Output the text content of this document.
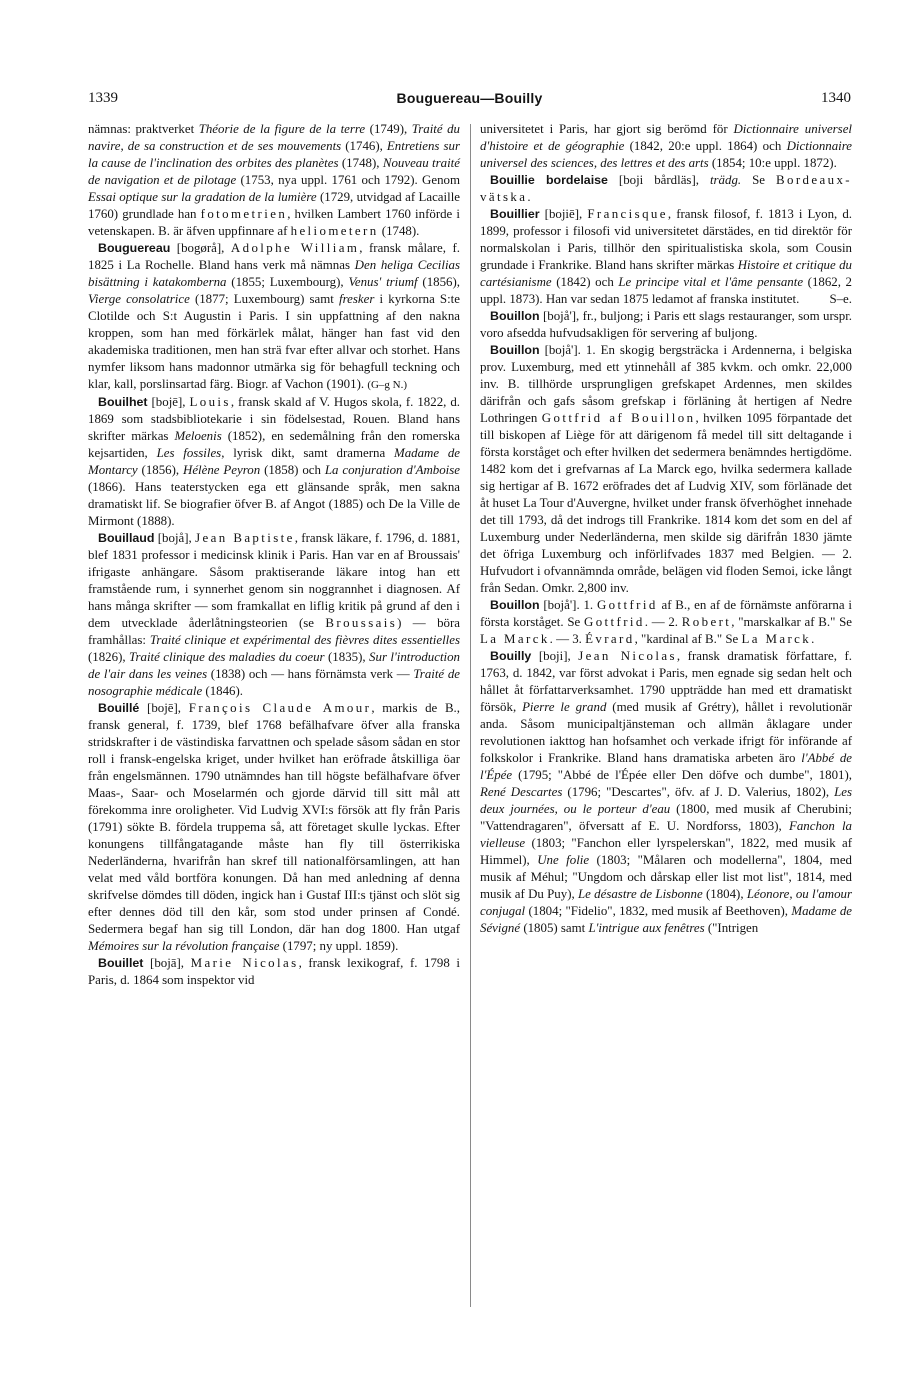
1339	Bouguereau—Bouilly	1340

nämnas: praktverket Théorie de la figure de la terre (1749), Traité du navire, de sa construction et de ses mouvements (1746), Entretiens sur la cause de l'inclination des orbites des planètes (1748), Nouveau traité de navigation et de pilotage (1753, nya uppl. 1761 och 1792). Genom Essai optique sur la gradation de la lumière (1729, utvidgad af Lacaille 1760) grundlade han fotometrien, hvilken Lambert 1760 införde i vetenskapen. B. är äfven uppfinnare af heliometern (1748).

Bouguereau [bogørå], Adolphe William, fransk målare, f. 1825 i La Rochelle. Bland hans verk må nämnas Den heliga Cecilias bisättning i katakomberna (1855; Luxembourg), Venus' triumf (1856), Vierge consolatrice (1877; Luxembourg) samt fresker i kyrkorna S:te Clotilde och S:t Augustin i Paris. I sin uppfattning af den nakna kroppen, som han med förkärlek målat, hänger han fast vid den akademiska traditionen, men han strä fvar efter allvar och storhet. Hans nymfer liksom hans madonnor utmärka sig för behagfull teckning och klar, kall, porslinsartad färg. Biogr. af Vachon (1901). (G–g N.)

Bouilhet [bojē], Louis, fransk skald af V. Hugos skola, f. 1822, d. 1869 som stadsbibliotekarie i sin födelsestad, Rouen. Bland hans skrifter märkas Meloenis (1852), en sedemålning från den romerska kejsartiden, Les fossiles, lyrisk dikt, samt dramerna Madame de Montarcy (1856), Hélène Peyron (1858) och La conjuration d'Amboise (1866). Hans teaterstycken ega ett glänsande språk, men sakna dramatiskt lif. Se biografier öfver B. af Angot (1885) och De la Ville de Mirmont (1888).

Bouillaud [bojå], Jean Baptiste, fransk läkare, f. 1796, d. 1881, blef 1831 professor i medicinsk klinik i Paris. Han var en af Broussais' ifrigaste anhängare. Såsom praktiserande läkare intog han ett framstående rum, i synnerhet genom sin noggrannhet i diagnosen. Af hans många skrifter — som framkallat en liflig kritik på grund af den i dem utvecklade åderlåtningsteorien (se Broussais) — böra framhållas: Traité clinique et expérimental des fièvres dites essentielles (1826), Traité clinique des maladies du coeur (1835), Sur l'introduction de l'air dans les veines (1838) och — hans förnämsta verk — Traité de nosographie médicale (1846).

Bouillé [bojē], François Claude Amour, markis de B., fransk general, f. 1739, blef 1768 befälhafvare öfver alla franska stridskrafter i de västindiska farvattnen och spelade såsom sådan en stor roll i fransk-engelska kriget, under hvilket han eröfrade åtskilliga öar från engelsmännen. 1790 utnämndes han till högste befälhafvare öfver Maas-, Saar- och Moselarmén och gjorde därvid till sitt mål att förekomma inre oroligheter. Vid Ludvig XVI:s försök att fly från Paris (1791) sökte B. fördela truppema så, att företaget skulle lyckas. Efter konungens tillfångatagande måste han fly till österrikiska Nederländerna, hvarifrån han skref till nationalförsamlingen, att han velat med våld bortföra konungen. Då han med anledning af denna skrifvelse dömdes till döden, ingick han i Gustaf III:s tjänst och slöt sig efter dennes död till den kår, som stod under prinsen af Condé. Sedermera begaf han sig till London, där han dog 1800. Han utgaf Mémoires sur la révolution française (1797; ny uppl. 1859).

Bouillet [bojā], Marie Nicolas, fransk lexikograf, f. 1798 i Paris, d. 1864 som inspektor vid

universitetet i Paris, har gjort sig berömd för Dictionnaire universel d'histoire et de géographie (1842, 20:e uppl. 1864) och Dictionnaire universel des sciences, des lettres et des arts (1854; 10:e uppl. 1872).

Bouillie bordelaise [boji bårdläs], trädg. Se Bordeaux-vätska.

Bouillier [bojiē], Francisque, fransk filosof, f. 1813 i Lyon, d. 1899, professor i filosofi vid universitetet därstädes, en tid direktör för normalskolan i Paris, tillhör den spiritualistiska skola, som Cousin grundade i Frankrike. Bland hans skrifter märkas Histoire et critique du cartésianisme (1842) och Le principe vital et l'âme pensante (1862, 2 uppl. 1873). Han var sedan 1875 ledamot af franska institutet.	S–e.

Bouillon [bojå'], fr., buljong; i Paris ett slags restauranger, som urspr. voro afsedda hufvudsakligen för servering af buljong.

Bouillon [bojå']. 1. En skogig bergsträcka i Ardennerna, i belgiska prov. Luxemburg, med ett ytinnehåll af 385 kvkm. och omkr. 22,000 inv. B. tillhörde ursprungligen grefskapet Ardennes, men skildes därifrån och gafs såsom grefskap i förläning åt hertigen af Nedre Lothringen Gottfrid af Bouillon, hvilken 1095 förpantade det till biskopen af Liège för att därigenom få medel till sitt deltagande i första korståget och efter hvilken det sedermera benämndes hertigdöme. 1482 kom det i grefvarnas af La Marck ego, hvilka sedermera kallade sig hertigar af B. 1672 eröfrades det af Ludvig XIV, som förlänade det åt huset La Tour d'Auvergne, hvilket under fransk öfverhöghet innehade det till 1793, då det indrogs till Frankrike. 1814 kom det som en del af Luxemburg under Nederländerna, men skilde sig därifrån 1830 jämte det öfriga Luxemburg och införlifvades 1837 med Belgien. — 2. Hufvudort i ofvannämnda område, belägen vid floden Semoi, icke långt från Sedan. Omkr. 2,800 inv.

Bouillon [bojå']. 1. Gottfrid af B., en af de förnämste anförarna i första korståget. Se Gottfrid. — 2. Robert, "marskalkar af B." Se La Marck. — 3. Évrard, "kardinal af B." Se La Marck.

Bouilly [boji], Jean Nicolas, fransk dramatisk författare, f. 1763, d. 1842, var först advokat i Paris, men egnade sig sedan helt och hållet åt författarverksamhet. 1790 uppträdde han med ett dramatiskt försök, Pierre le grand (med musik af Grétry), hållet i revolutionär anda. Såsom municipaltjänsteman och allmän åklagare under revolutionen iakttog han hofsamhet och verkade ifrigt för införande af folkskolor i Frankrike. Bland hans dramatiska arbeten äro l'Abbé de l'Épée (1795; "Abbé de l'Épée eller Den döfve och dumbe", 1801), René Descartes (1796; "Descartes", öfv. af J. D. Valerius, 1802), Les deux journées, ou le porteur d'eau (1800, med musik af Cherubini; "Vattendragaren", öfversatt af E. U. Nordforss, 1803), Fanchon la vielleuse (1803; "Fanchon eller lyrspelerskan", 1822, med musik af Himmel), Une folie (1803; "Målaren och modellerna", 1804, med musik af Méhul; "Ungdom och dårskap eller list mot list", 1814, med musik af Du Puy), Le désastre de Lisbonne (1804), Léonore, ou l'amour conjugal (1804; "Fidelio", 1832, med musik af Beethoven), Madame de Sévigné (1805) samt L'intrigue aux fenêtres ("Intrigen
